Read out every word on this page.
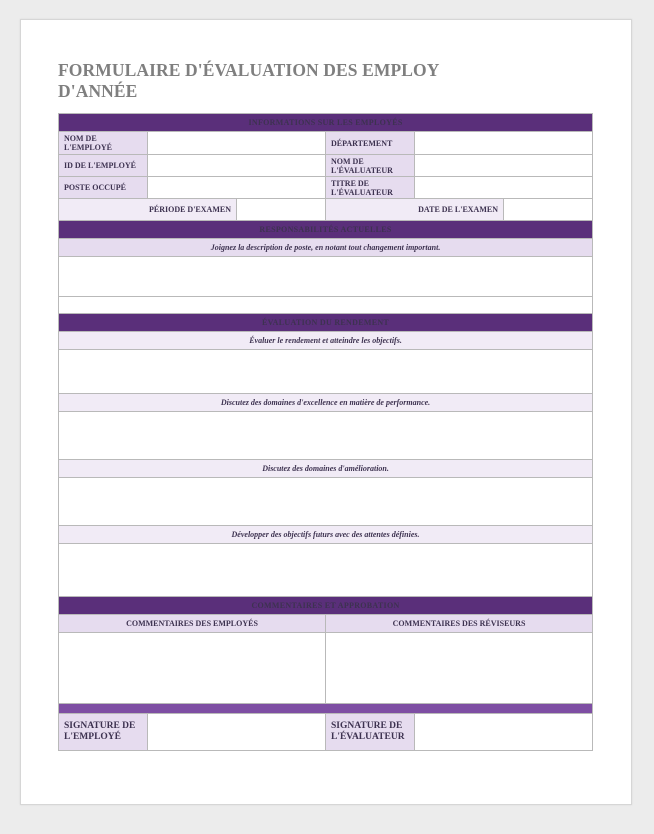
FORMULAIRE D'ÉVALUATION DES EMPLOY D'ANNÉE
INFORMATIONS SUR LES EMPLOYÉS					
NOM DE L'EMPLOYÉ			DÉPARTEMENT		
ID DE L'EMPLOYÉ			NOM DE L'ÉVALUATEUR		
POSTE OCCUPÉ			TITRE DE L'ÉVALUATEUR		
PÉRIODE D'EXAMEN			DATE DE L'EXAMEN		
RESPONSABILITÉS ACTUELLES					
Joignez la description de poste, en notant tout changement important.					

ÉVALUATION DU RENDEMENT					
Évaluer le rendement et atteindre les objectifs.					

Discutez des domaines d'excellence en matière de performance.					

Discutez des domaines d'amélioration.					

Développer des objectifs futurs avec des attentes définies.					

COMMENTAIRES ET APPROBATION					
COMMENTAIRES DES EMPLOYÉS			COMMENTAIRES DES RÉVISEURS		

SIGNATURE DE L'EMPLOYÉ			SIGNATURE DE L'ÉVALUATEUR		
